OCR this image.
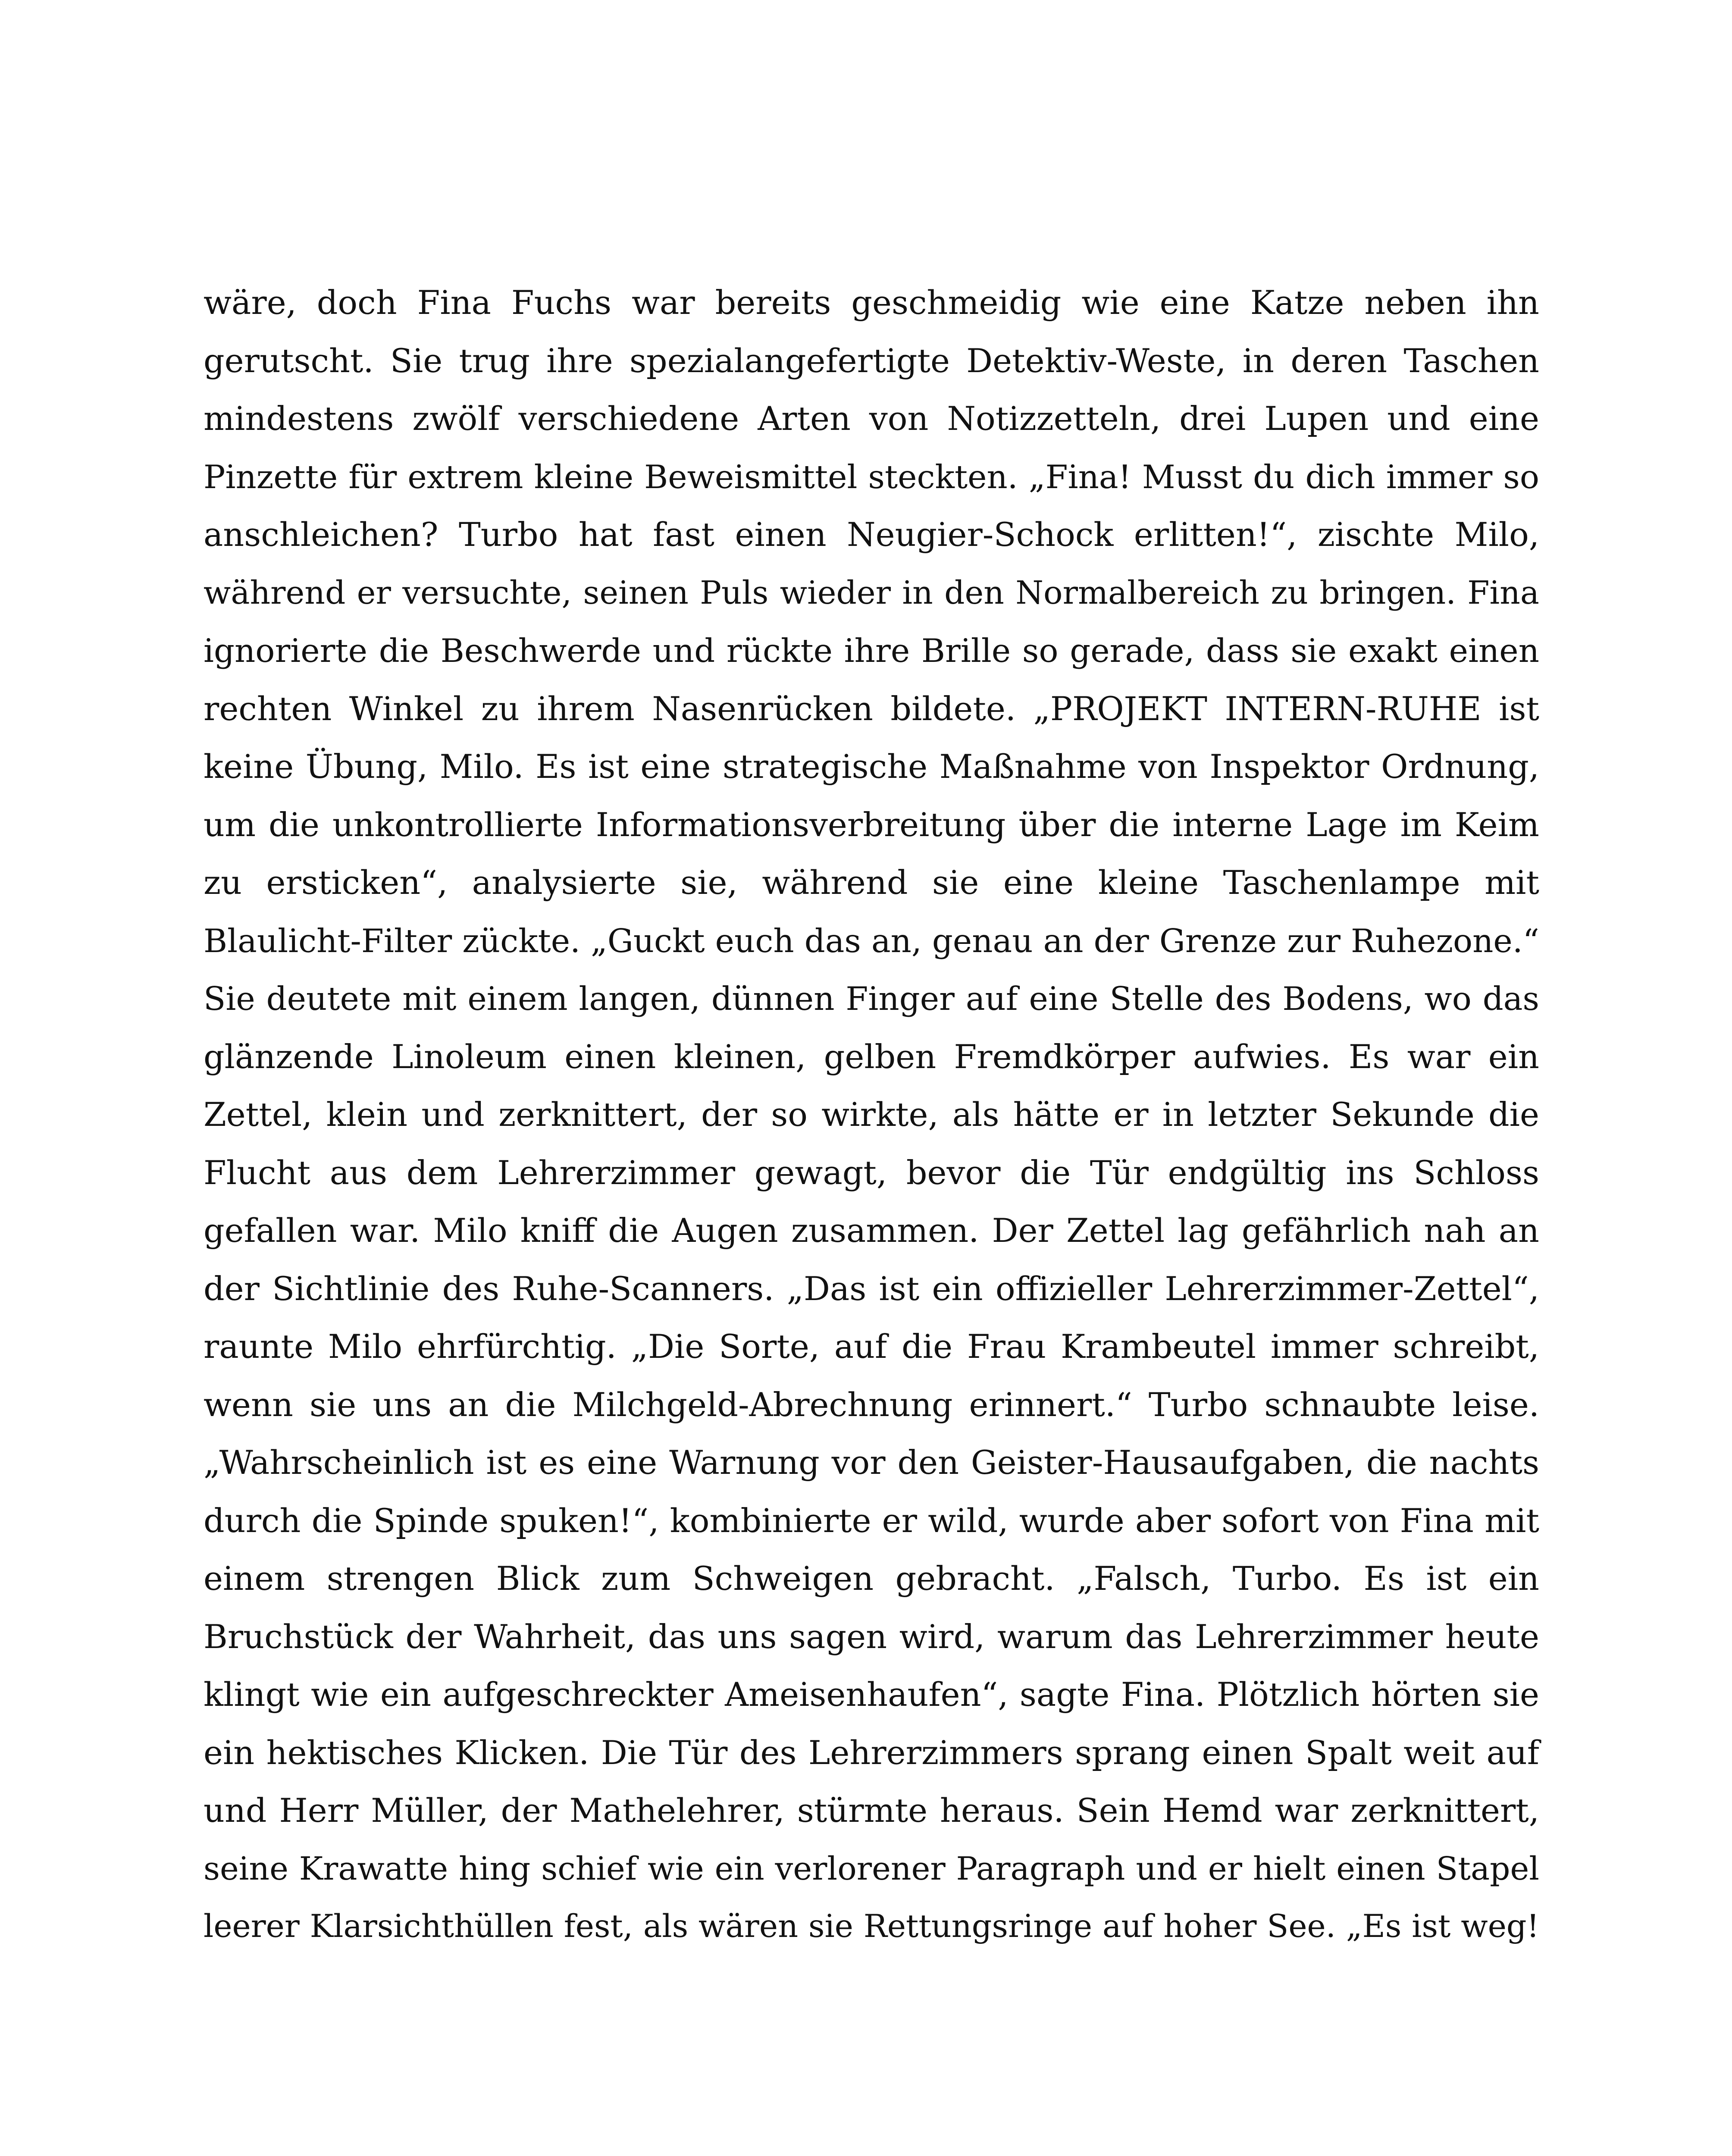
wäre, doch Fina Fuchs war bereits geschmeidig wie eine Katze neben ihn
gerutscht. Sie trug ihre spezialangefertigte Detektiv-Weste, in deren Taschen
mindestens zwölf verschiedene Arten von Notizzetteln, drei Lupen und eine
Pinzette für extrem kleine Beweismittel steckten. „Fina! Musst du dich immer so
anschleichen? Turbo hat fast einen Neugier-Schock erlitten!“, zischte Milo,
während er versuchte, seinen Puls wieder in den Normalbereich zu bringen. Fina
ignorierte die Beschwerde und rückte ihre Brille so gerade, dass sie exakt einen
rechten Winkel zu ihrem Nasenrücken bildete. „PROJEKT INTERN-RUHE ist
keine Übung, Milo. Es ist eine strategische Maßnahme von Inspektor Ordnung,
um die unkontrollierte Informationsverbreitung über die interne Lage im Keim
zu ersticken“, analysierte sie, während sie eine kleine Taschenlampe mit
Blaulicht-Filter zückte. „Guckt euch das an, genau an der Grenze zur Ruhezone.“
Sie deutete mit einem langen, dünnen Finger auf eine Stelle des Bodens, wo das
glänzende Linoleum einen kleinen, gelben Fremdkörper aufwies. Es war ein
Zettel, klein und zerknittert, der so wirkte, als hätte er in letzter Sekunde die
Flucht aus dem Lehrerzimmer gewagt, bevor die Tür endgültig ins Schloss
gefallen war. Milo kniff die Augen zusammen. Der Zettel lag gefährlich nah an
der Sichtlinie des Ruhe-Scanners. „Das ist ein offizieller Lehrerzimmer-Zettel“,
raunte Milo ehrfürchtig. „Die Sorte, auf die Frau Krambeutel immer schreibt,
wenn sie uns an die Milchgeld-Abrechnung erinnert.“ Turbo schnaubte leise.
„Wahrscheinlich ist es eine Warnung vor den Geister-Hausaufgaben, die nachts
durch die Spinde spuken!“, kombinierte er wild, wurde aber sofort von Fina mit
einem strengen Blick zum Schweigen gebracht. „Falsch, Turbo. Es ist ein
Bruchstück der Wahrheit, das uns sagen wird, warum das Lehrerzimmer heute
klingt wie ein aufgeschreckter Ameisenhaufen“, sagte Fina. Plötzlich hörten sie
ein hektisches Klicken. Die Tür des Lehrerzimmers sprang einen Spalt weit auf
und Herr Müller, der Mathelehrer, stürmte heraus. Sein Hemd war zerknittert,
seine Krawatte hing schief wie ein verlorener Paragraph und er hielt einen Stapel
leerer Klarsichthüllen fest, als wären sie Rettungsringe auf hoher See. „Es ist weg!
